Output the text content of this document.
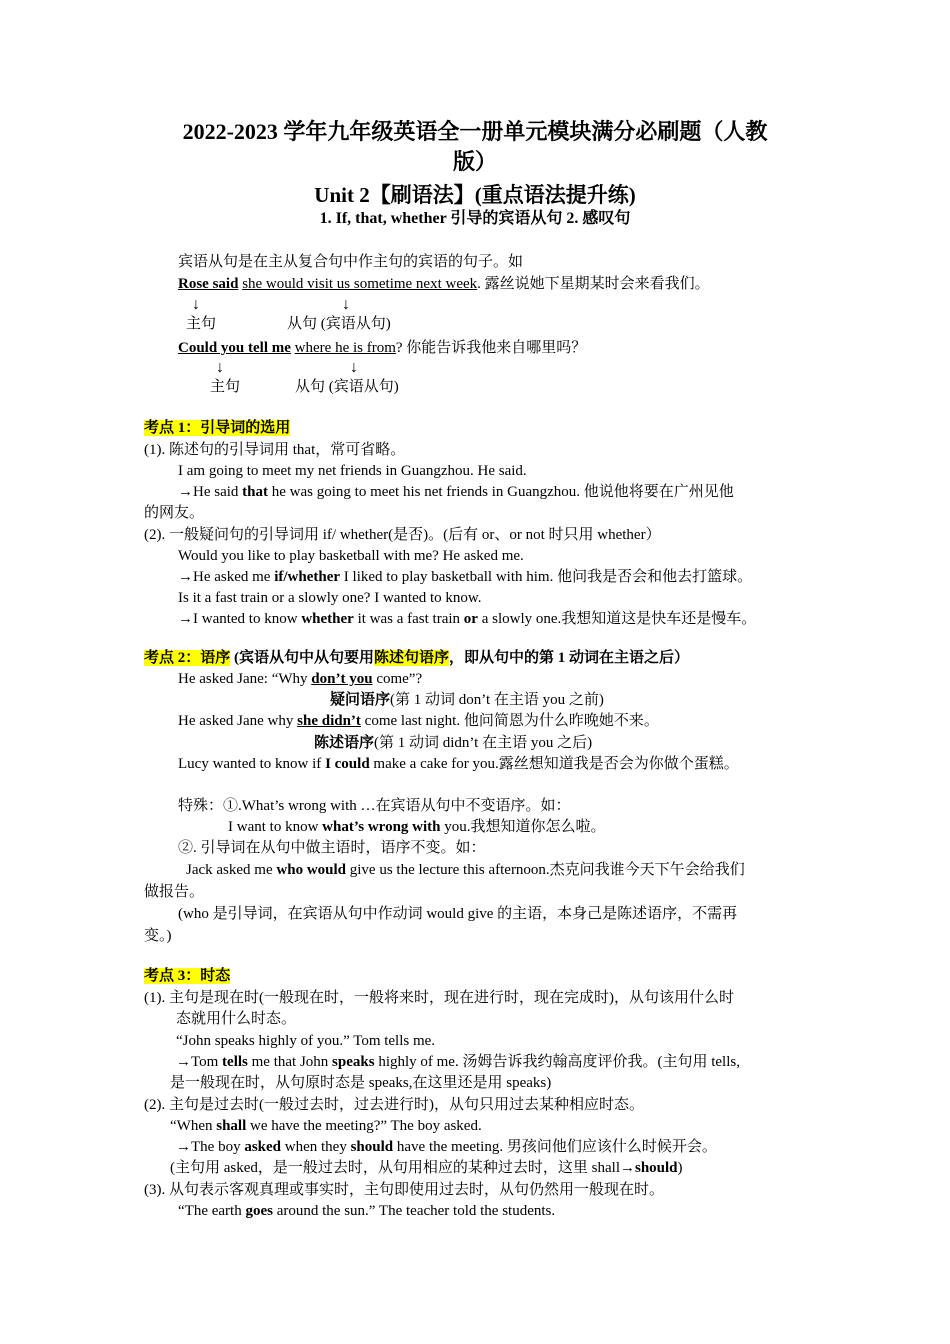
2022-2023 学年九年级英语全一册单元模块满分必刷题（人教
版）
Unit 2【刷语法】(重点语法提升练)
1. If, that, whether 引导的宾语从句 2. 感叹句
宾语从句是在主从复合句中作主句的宾语的句子。如
Rose said she would visit us sometime next week. 露丝说她下星期某时会来看我们。
↓	↓
主句	从句 (宾语从句)
Could you tell me where he is from? 你能告诉我他来自哪里吗？
↓	↓
主句	从句 (宾语从句)
考点 1：引导词的选用
(1). 陈述句的引导词用 that，常可省略。
I am going to meet my net friends in Guangzhou. He said.
→He said that he was going to meet his net friends in Guangzhou. 他说他将要在广州见他
的网友。
(2). 一般疑问句的引导词用 if/ whether(是否)。(后有 or、or not 时只用 whether）
Would you like to play basketball with me? He asked me.
→He asked me if/whether I liked to play basketball with him. 他问我是否会和他去打篮球。
Is it a fast train or a slowly one? I wanted to know.
→I wanted to know whether it was a fast train or a slowly one.我想知道这是快车还是慢车。
考点 2：语序 (宾语从句中从句要用陈述句语序，即从句中的第 1 动词在主语之后）
He asked Jane: “Why don’t you come”?
疑问语序(第 1 动词 don’t 在主语 you 之前)
He asked Jane why she didn’t come last night. 他问简恩为什么昨晚她不来。
陈述语序(第 1 动词 didn’t 在主语 you 之后)
Lucy wanted to know if I could make a cake for you.露丝想知道我是否会为你做个蛋糕。
特殊：①.What’s wrong with …在宾语从句中不变语序。如：
I want to know what’s wrong with you.我想知道你怎么啦。
②. 引导词在从句中做主语时，语序不变。如：
Jack asked me who would give us the lecture this afternoon.杰克问我谁今天下午会给我们
做报告。
(who 是引导词，在宾语从句中作动词 would give 的主语，本身己是陈述语序，不需再
变。)
考点 3：时态
(1). 主句是现在时(一般现在时，一般将来时，现在进行时，现在完成时)，从句该用什么时
态就用什么时态。
“John speaks highly of you.” Tom tells me.
→Tom tells me that John speaks highly of me. 汤姆告诉我约翰高度评价我。(主句用 tells,
是一般现在时，从句原时态是 speaks,在这里还是用 speaks)
(2). 主句是过去时(一般过去时，过去进行时)，从句只用过去某种相应时态。
“When shall we have the meeting?” The boy asked.
→The boy asked when they should have the meeting. 男孩问他们应该什么时候开会。
(主句用 asked，是一般过去时，从句用相应的某种过去时，这里 shall→should)
(3). 从句表示客观真理或事实时，主句即使用过去时，从句仍然用一般现在时。
“The earth goes around the sun.” The teacher told the students.
